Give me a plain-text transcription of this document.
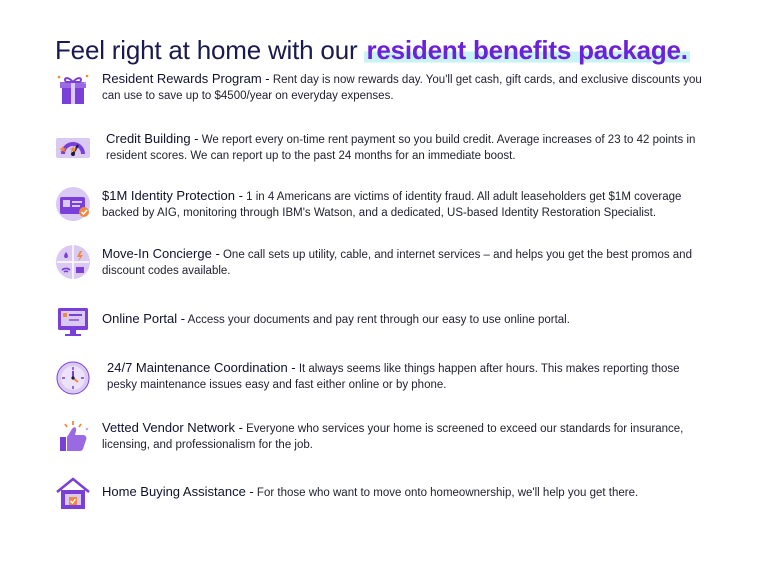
Feel right at home with our resident benefits package.
Resident Rewards Program - Rent day is now rewards day. You'll get cash, gift cards, and exclusive discounts you can use to save up to $4500/year on everyday expenses.
Credit Building - We report every on-time rent payment so you build credit. Average increases of 23 to 42 points in resident scores. We can report up to the past 24 months for an immediate boost.
$1M Identity Protection - 1 in 4 Americans are victims of identity fraud. All adult leaseholders get $1M coverage backed by AIG, monitoring through IBM's Watson, and a dedicated, US-based Identity Restoration Specialist.
Move-In Concierge - One call sets up utility, cable, and internet services – and helps you get the best promos and discount codes available.
Online Portal - Access your documents and pay rent through our easy to use online portal.
24/7 Maintenance Coordination - It always seems like things happen after hours. This makes reporting those pesky maintenance issues easy and fast either online or by phone.
Vetted Vendor Network - Everyone who services your home is screened to exceed our standards for insurance, licensing, and professionalism for the job.
Home Buying Assistance - For those who want to move onto homeownership, we'll help you get there.
